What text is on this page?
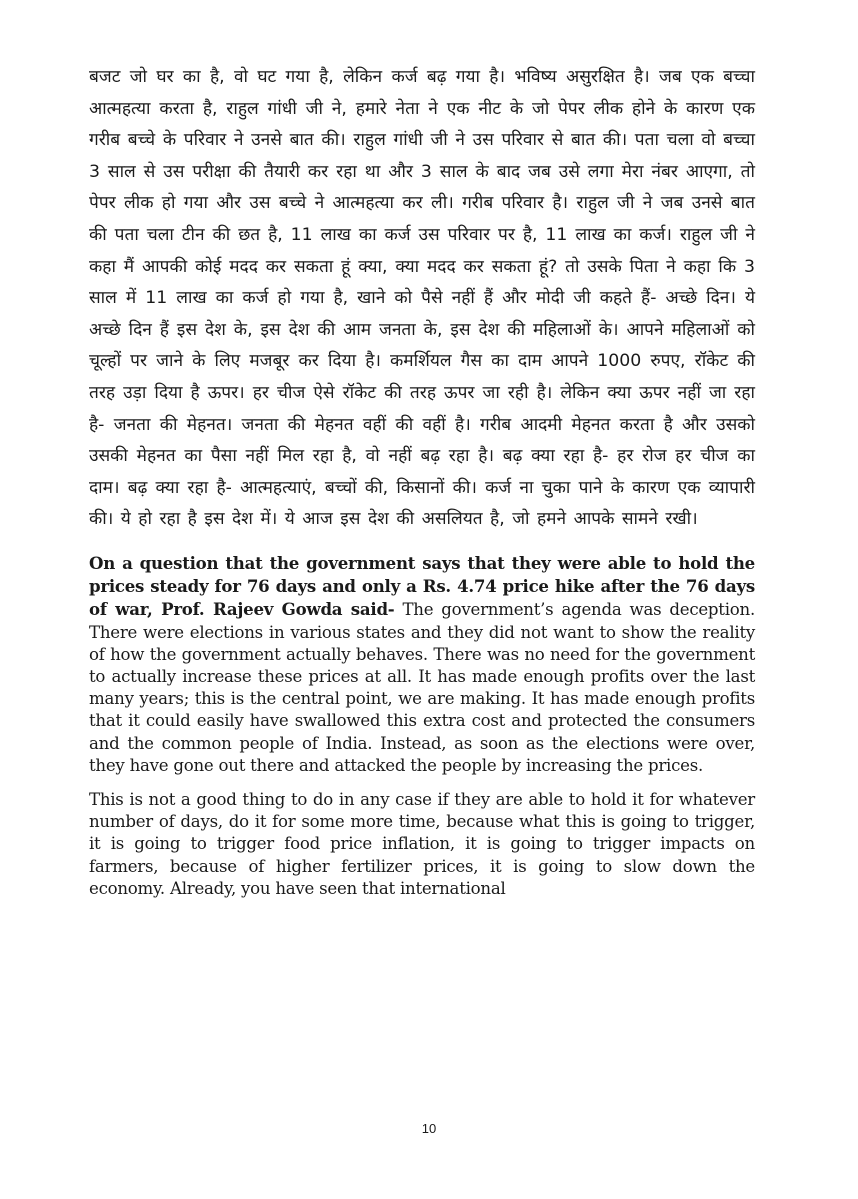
बजट जो घर का है, वो घट गया है, लेकिन कर्ज बढ़ गया है। भविष्य असुरक्षित है। जब एक बच्चा आत्महत्या करता है, राहुल गांधी जी ने, हमारे नेता ने एक नीट के जो पेपर लीक होने के कारण एक गरीब बच्चे के परिवार ने उनसे बात की। राहुल गांधी जी ने उस परिवार से बात की। पता चला वो बच्चा 3 साल से उस परीक्षा की तैयारी कर रहा था और 3 साल के बाद जब उसे लगा मेरा नंबर आएगा, तो पेपर लीक हो गया और उस बच्चे ने आत्महत्या कर ली। गरीब परिवार है। राहुल जी ने जब उनसे बात की पता चला टीन की छत है, 11 लाख का कर्ज उस परिवार पर है, 11 लाख का कर्ज। राहुल जी ने कहा मैं आपकी कोई मदद कर सकता हूं क्या, क्या मदद कर सकता हूं? तो उसके पिता ने कहा कि 3 साल में 11 लाख का कर्ज हो गया है, खाने को पैसे नहीं हैं और मोदी जी कहते हैं- अच्छे दिन। ये अच्छे दिन हैं इस देश के, इस देश की आम जनता के, इस देश की महिलाओं के। आपने महिलाओं को चूल्हों पर जाने के लिए मजबूर कर दिया है। कमर्शियल गैस का दाम आपने 1000 रुपए, रॉकेट की तरह उड़ा दिया है ऊपर। हर चीज ऐसे रॉकेट की तरह ऊपर जा रही है। लेकिन क्या ऊपर नहीं जा रहा है- जनता की मेहनत। जनता की मेहनत वहीं की वहीं है। गरीब आदमी मेहनत करता है और उसको उसकी मेहनत का पैसा नहीं मिल रहा है, वो नहीं बढ़ रहा है। बढ़ क्या रहा है- हर रोज हर चीज का दाम। बढ़ क्या रहा है- आत्महत्याएं, बच्चों की, किसानों की। कर्ज ना चुका पाने के कारण एक व्यापारी की। ये हो रहा है इस देश में। ये आज इस देश की असलियत है, जो हमने आपके सामने रखी।

On a question that the government says that they were able to hold the prices steady for 76 days and only a Rs. 4.74 price hike after the 76 days of war, Prof. Rajeev Gowda said- The government’s agenda was deception. There were elections in various states and they did not want to show the reality of how the government actually behaves. There was no need for the government to actually increase these prices at all. It has made enough profits over the last many years; this is the central point, we are making. It has made enough profits that it could easily have swallowed this extra cost and protected the consumers and the common people of India. Instead, as soon as the elections were over, they have gone out there and attacked the people by increasing the prices.

This is not a good thing to do in any case if they are able to hold it for whatever number of days, do it for some more time, because what this is going to trigger, it is going to trigger food price inflation, it is going to trigger impacts on farmers, because of higher fertilizer prices, it is going to slow down the economy. Already, you have seen that international

10
